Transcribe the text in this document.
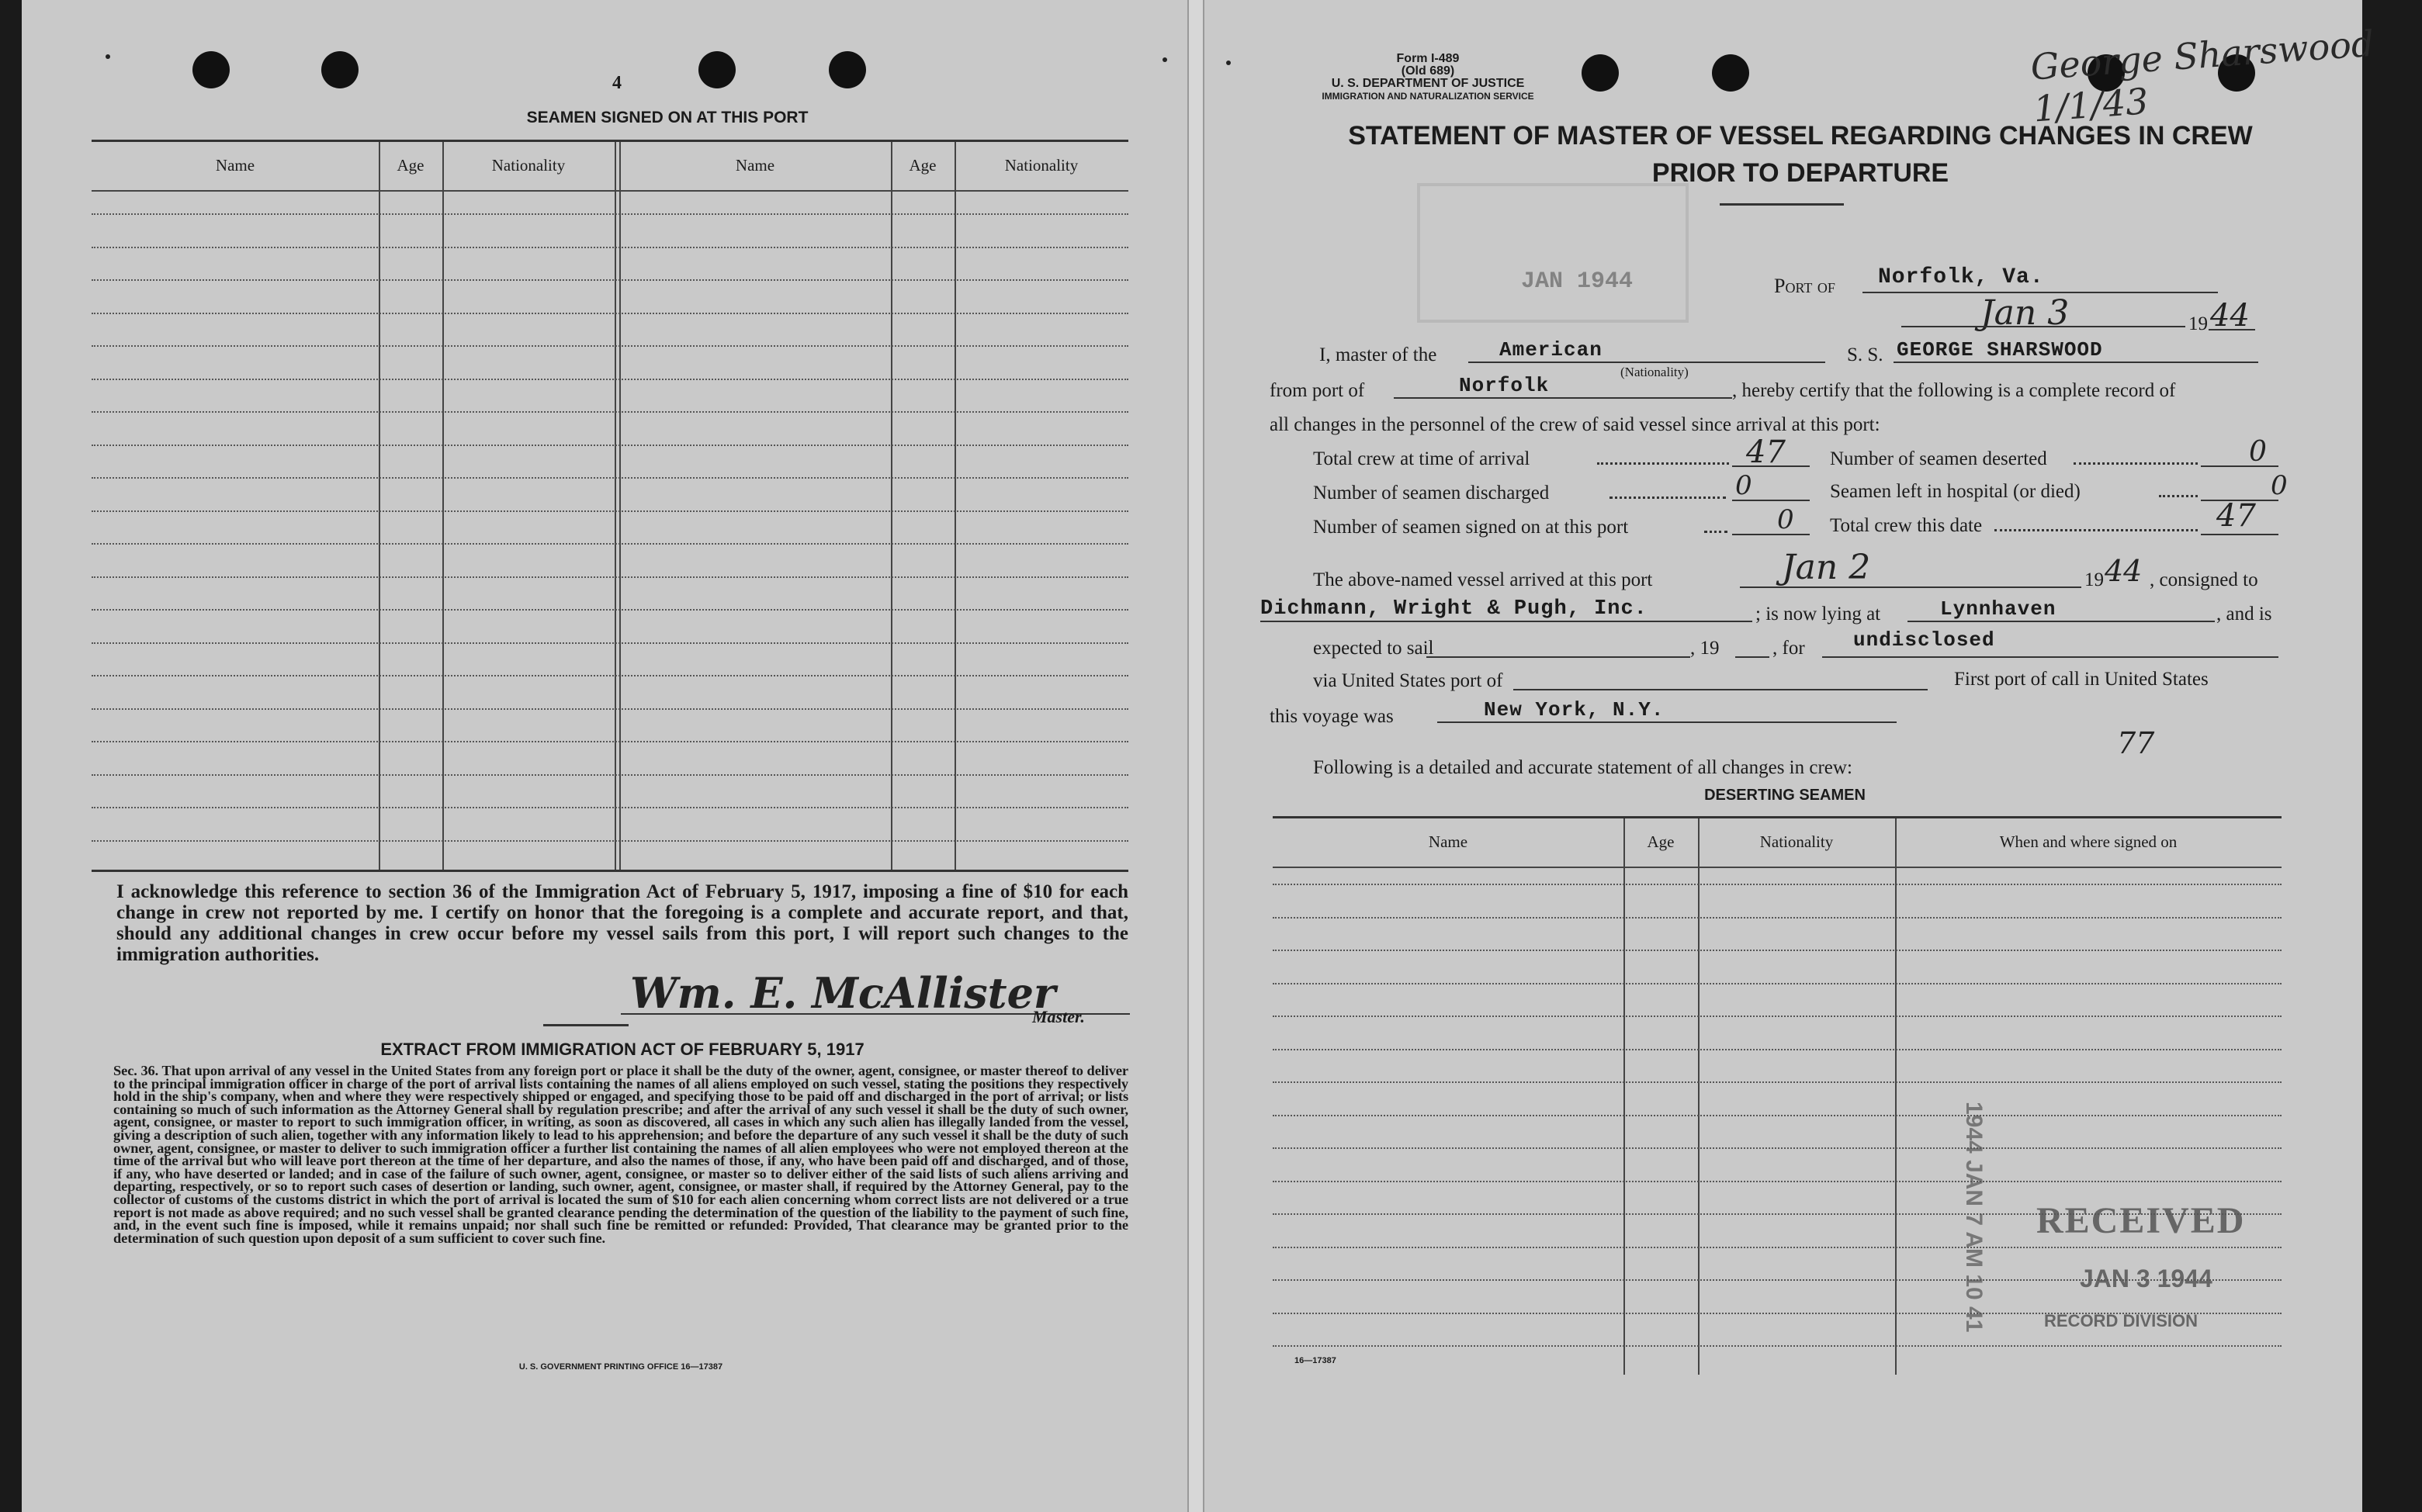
4
SEAMEN SIGNED ON AT THIS PORT
Name	Age	Nationality	Name	Age	Nationality
I acknowledge this reference to section 36 of the Immigration Act of February 5, 1917, imposing a fine of $10 for each change in crew not reported by me. I certify on honor that the foregoing is a complete and accurate report, and that, should any additional changes in crew occur before my vessel sails from this port, I will report such changes to the immigration authorities.
Wm. E. McAllister
Master.
EXTRACT FROM IMMIGRATION ACT OF FEBRUARY 5, 1917
Sec. 36. That upon arrival of any vessel in the United States from any foreign port or place it shall be the duty of the owner, agent, consignee, or master thereof to deliver to the principal immigration officer in charge of the port of arrival lists containing the names of all aliens employed on such vessel, stating the positions they respectively hold in the ship's company, when and where they were respectively shipped or engaged, and specifying those to be paid off and discharged in the port of arrival; or lists containing so much of such information as the Attorney General shall by regulation prescribe; and after the arrival of any such vessel it shall be the duty of such owner, agent, consignee, or master to report to such immigration officer, in writing, as soon as discovered, all cases in which any such alien has illegally landed from the vessel, giving a description of such alien, together with any information likely to lead to his apprehension; and before the departure of any such vessel it shall be the duty of such owner, agent, consignee, or master to deliver to such immigration officer a further list containing the names of all alien employees who were not employed thereon at the time of the arrival but who will leave port thereon at the time of her departure, and also the names of those, if any, who have been paid off and discharged, and of those, if any, who have deserted or landed; and in case of the failure of such owner, agent, consignee, or master so to deliver either of the said lists of such aliens arriving and departing, respectively, or so to report such cases of desertion or landing, such owner, agent, consignee, or master shall, if required by the Attorney General, pay to the collector of customs of the customs district in which the port of arrival is located the sum of $10 for each alien concerning whom correct lists are not delivered or a true report is not made as above required; and no such vessel shall be granted clearance pending the determination of the question of the liability to the payment of such fine, and, in the event such fine is imposed, while it remains unpaid; nor shall such fine be remitted or refunded: Provided, That clearance may be granted prior to the determination of such question upon deposit of a sum sufficient to cover such fine.
U. S. GOVERNMENT PRINTING OFFICE 16—17387
Form I-489
(Old 689)
U. S. DEPARTMENT OF JUSTICE
IMMIGRATION AND NATURALIZATION SERVICE
George Sharswood 1/1/43
STATEMENT OF MASTER OF VESSEL REGARDING CHANGES IN CREW
PRIOR TO DEPARTURE
JAN 1944	Port of Norfolk, Va.
Jan 3	19 44
I, master of the	American
(Nationality)
S. S. GEORGE SHARSWOOD
from port of	Norfolk	, hereby certify that the following is a complete record of
all changes in the personnel of the crew of said vessel since arrival at this port:
Total crew at time of arrival	47 Number of seamen deserted	0
Number of seamen discharged	0	Seamen left in hospital (or died)	0
Number of seamen signed on at this port	0 Total crew this date	47
The above-named vessel arrived at this port	Jan 2	19 44 , consigned to
Dichmann, Wright & Pugh, Inc.	; is now lying at	Lynnhaven	, and is
expected to sail	, 19	, for undisclosed
via United States port of	First port of call in United States
this voyage was	New York, N.Y.
77
Following is a detailed and accurate statement of all changes in crew:
DESERTING SEAMEN
Name	Age	Nationality	When and where signed on
RECEIVED
JAN 3 1944
RECORD DIVISION
1944 JAN 7 AM 10 41
16—17387
